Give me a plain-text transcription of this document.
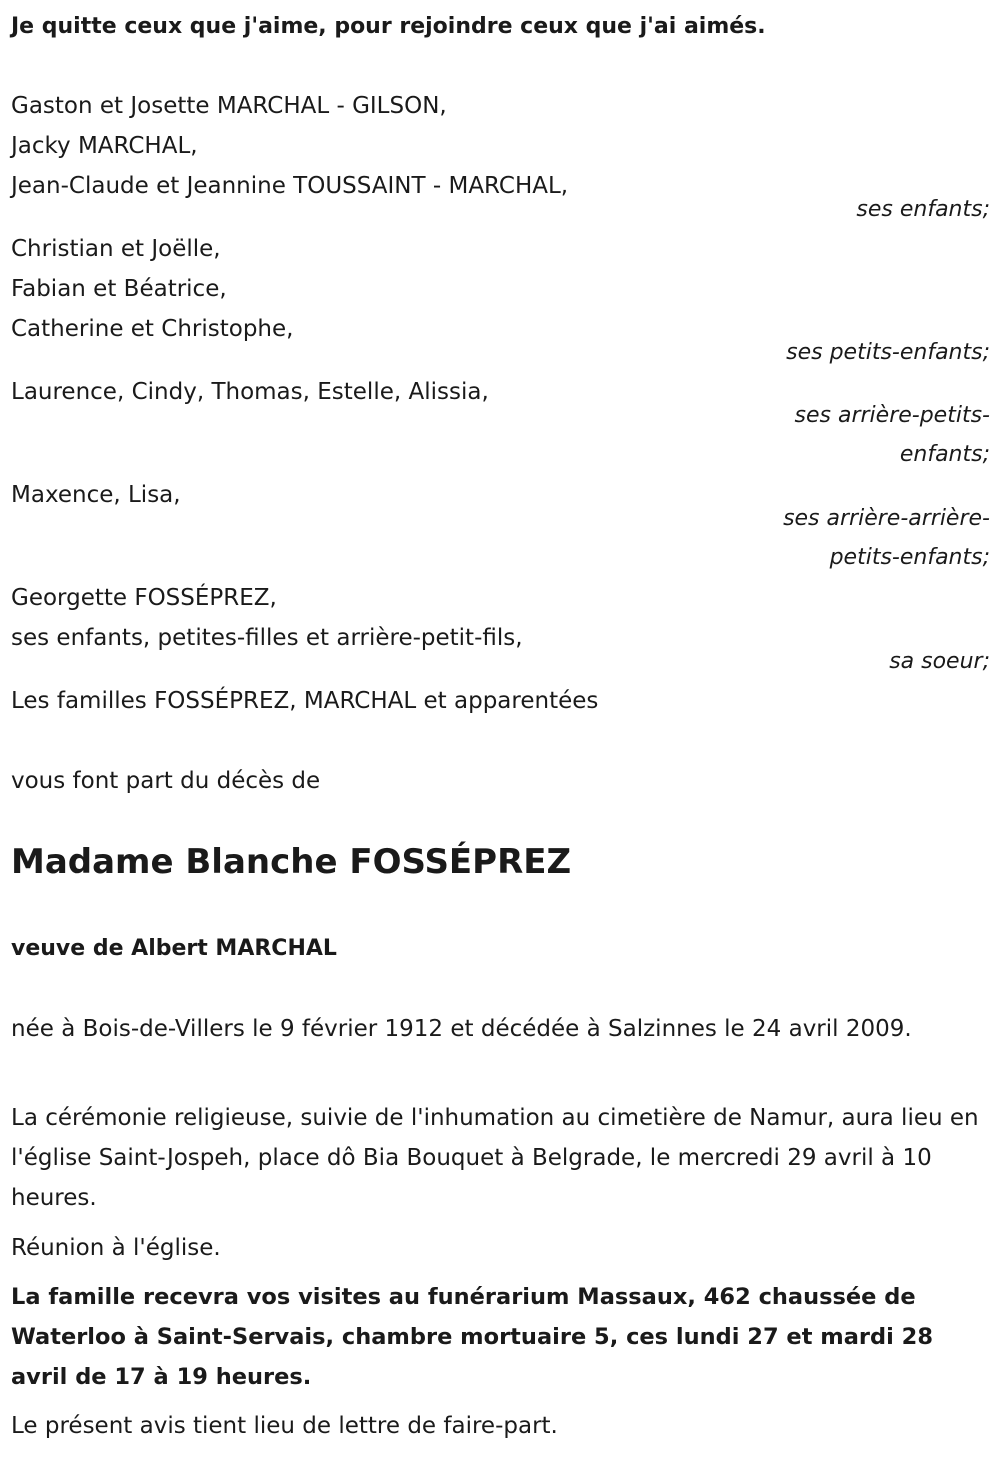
Je quitte ceux que j'aime, pour rejoindre ceux que j'ai aimés.

Gaston et Josette MARCHAL - GILSON,

Jacky MARCHAL,

Jean-Claude et Jeannine TOUSSAINT - MARCHAL,

ses enfants;

Christian et Joëlle,

Fabian et Béatrice,

Catherine et Christophe,

ses petits-enfants;

Laurence, Cindy, Thomas, Estelle, Alissia,

ses arrière-petits-

enfants;

Maxence, Lisa,

ses arrière-arrière-

petits-enfants;

Georgette FOSSÉPREZ,

ses enfants, petites-filles et arrière-petit-fils,

sa soeur;

Les familles FOSSÉPREZ, MARCHAL et apparentées

vous font part du décès de

Madame Blanche FOSSÉPREZ

veuve de Albert MARCHAL

née à Bois-de-Villers le 9 février 1912 et décédée à Salzinnes le 24 avril 2009.

La cérémonie religieuse, suivie de l'inhumation au cimetière de Namur, aura lieu en l'église Saint-Jospeh, place dô Bia Bouquet à Belgrade, le mercredi 29 avril à 10 heures.

Réunion à l'église.

La famille recevra vos visites au funérarium Massaux, 462 chaussée de Waterloo à Saint-Servais, chambre mortuaire 5, ces lundi 27 et mardi 28 avril de 17 à 19 heures.

Le présent avis tient lieu de lettre de faire-part.
